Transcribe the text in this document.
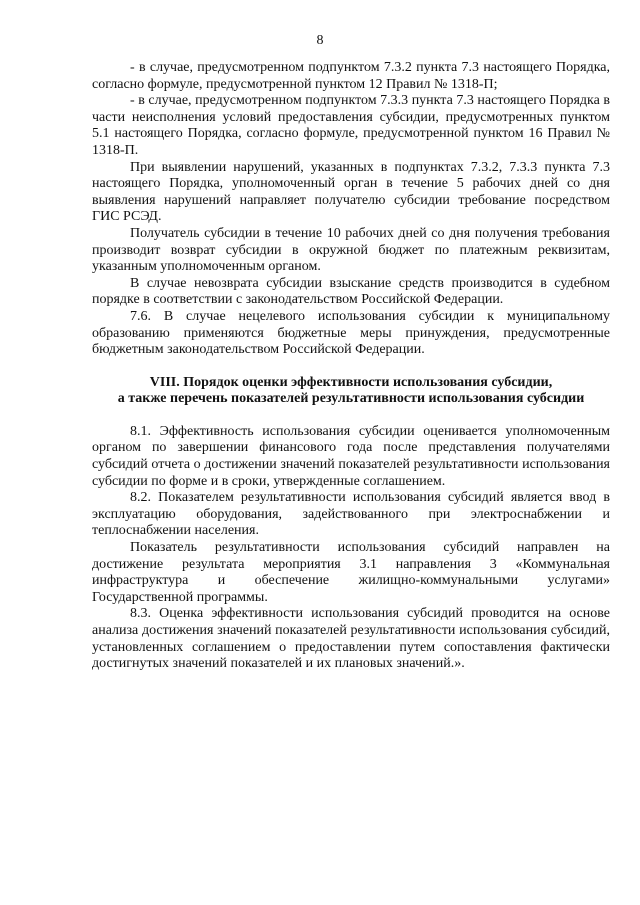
8

- в случае, предусмотренном подпунктом 7.3.2 пункта 7.3 настоящего Порядка, согласно формуле, предусмотренной пунктом 12 Правил № 1318-П;

- в случае, предусмотренном подпунктом 7.3.3 пункта 7.3 настоящего Порядка в части неисполнения условий предоставления субсидии, предусмотренных пунктом 5.1 настоящего Порядка, согласно формуле, предусмотренной пунктом 16 Правил № 1318-П.

При выявлении нарушений, указанных в подпунктах 7.3.2, 7.3.3 пункта 7.3 настоящего Порядка, уполномоченный орган в течение 5 рабочих дней со дня выявления нарушений направляет получателю субсидии требование посредством ГИС РСЭД.

Получатель субсидии в течение 10 рабочих дней со дня получения требования производит возврат субсидии в окружной бюджет по платежным реквизитам, указанным уполномоченным органом.

В случае невозврата субсидии взыскание средств производится в судебном порядке в соответствии с законодательством Российской Федерации.

7.6. В случае нецелевого использования субсидии к муниципальному образованию применяются бюджетные меры принуждения, предусмотренные бюджетным законодательством Российской Федерации.

VIII. Порядок оценки эффективности использования субсидии,
а также перечень показателей результативности использования субсидии

8.1. Эффективность использования субсидии оценивается уполномоченным органом по завершении финансового года после представления получателями субсидий отчета о достижении значений показателей результативности использования субсидии по форме и в сроки, утвержденные соглашением.

8.2. Показателем результативности использования субсидий является ввод в эксплуатацию оборудования, задействованного при электроснабжении и теплоснабжении населения.

Показатель результативности использования субсидий направлен на достижение результата мероприятия 3.1 направления 3 «Коммунальная инфраструктура и обеспечение жилищно-коммунальными услугами» Государственной программы.

8.3. Оценка эффективности использования субсидий проводится на основе анализа достижения значений показателей результативности использования субсидий, установленных соглашением о предоставлении путем сопоставления фактически достигнутых значений показателей и их плановых значений.».
